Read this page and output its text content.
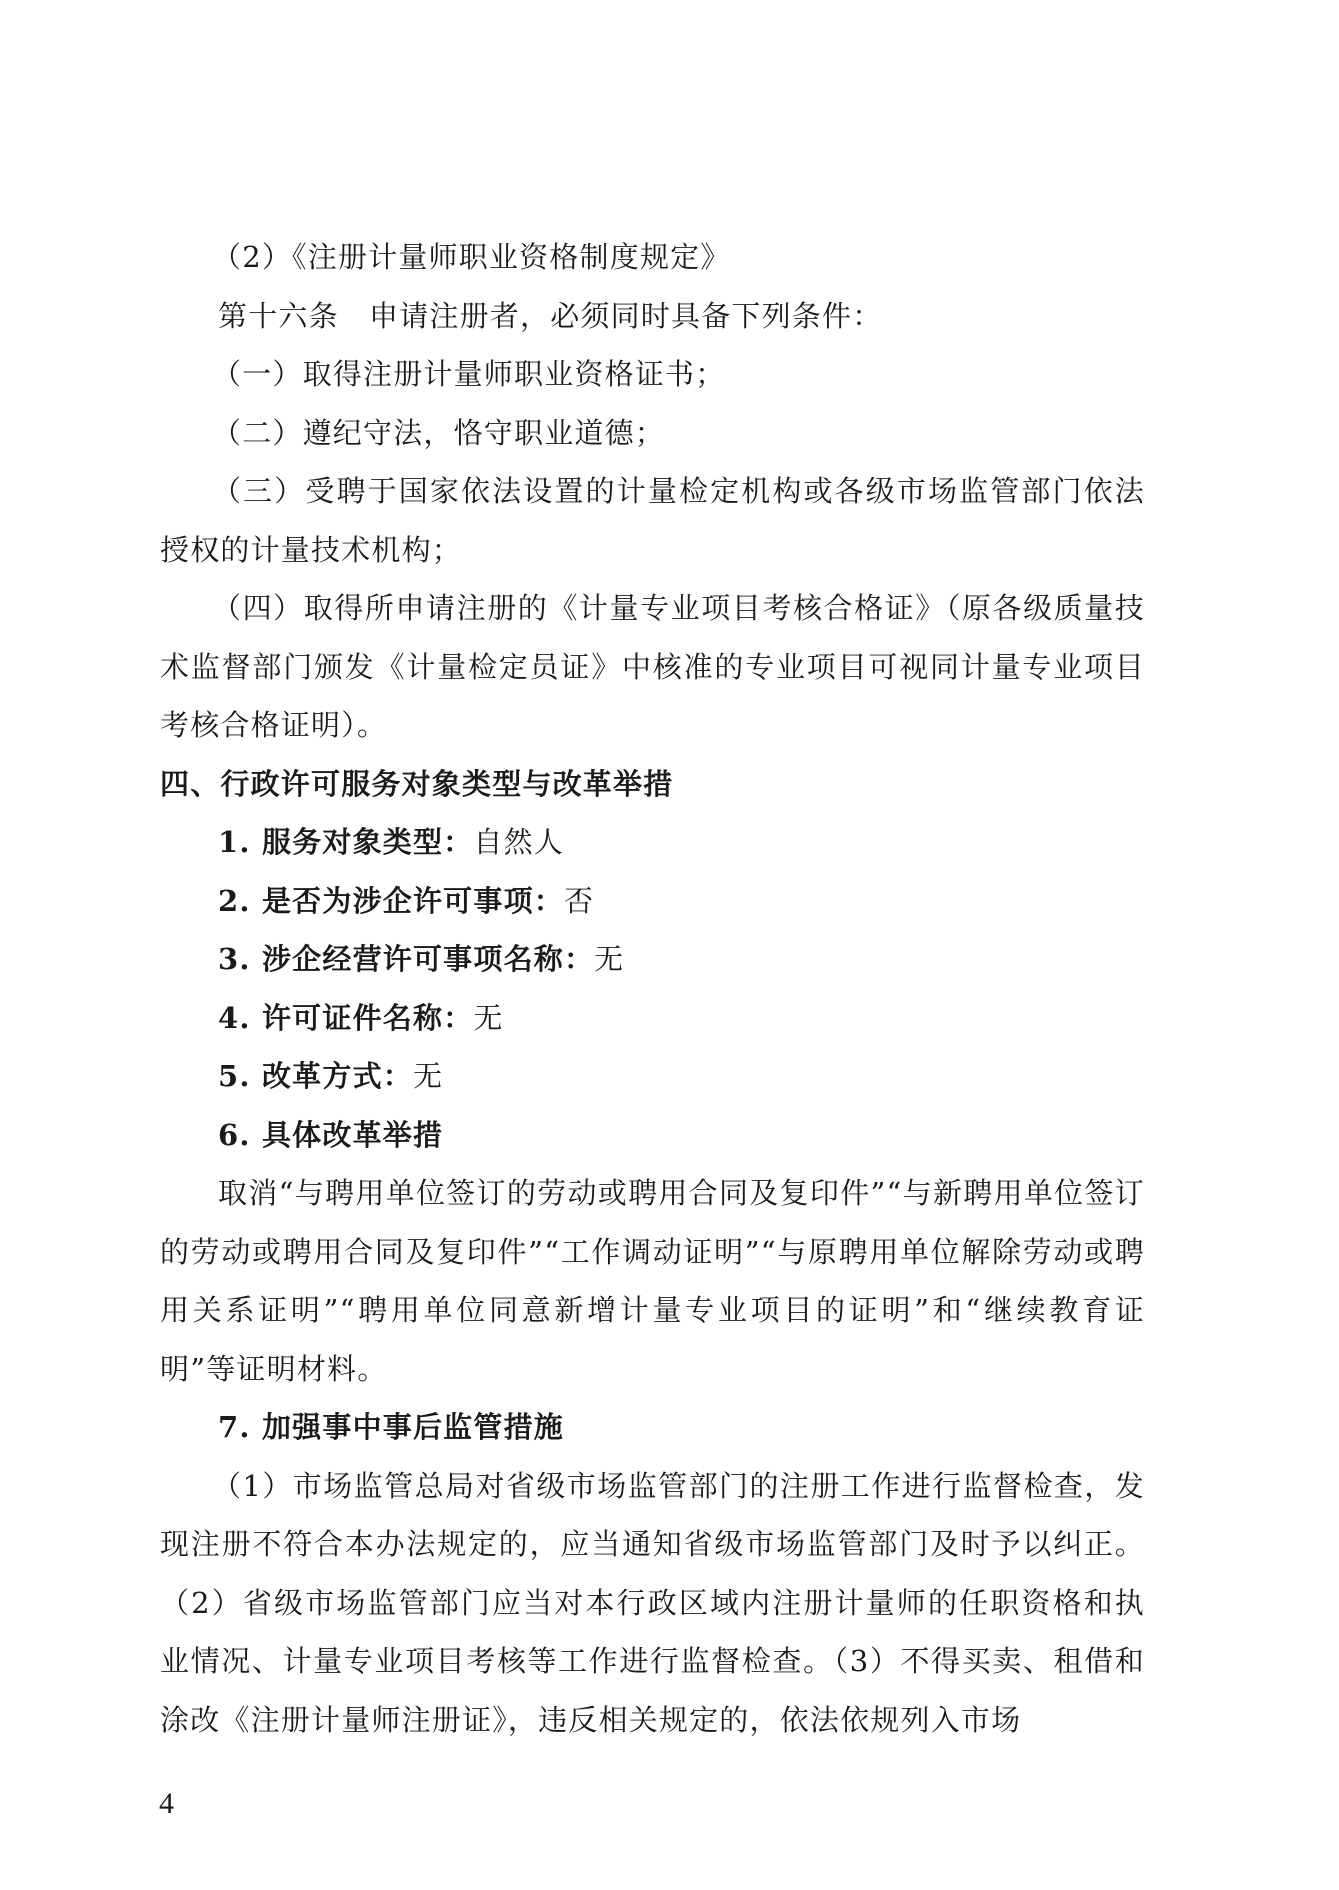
（2）《注册计量师职业资格制度规定》

第十六条　申请注册者，必须同时具备下列条件：

（一）取得注册计量师职业资格证书；

（二）遵纪守法，恪守职业道德；

（三）受聘于国家依法设置的计量检定机构或各级市场监管部门依法授权的计量技术机构；

（四）取得所申请注册的《计量专业项目考核合格证》（原各级质量技术监督部门颁发《计量检定员证》中核准的专业项目可视同计量专业项目考核合格证明）。

四、行政许可服务对象类型与改革举措

1. 服务对象类型：自然人

2. 是否为涉企许可事项：否

3. 涉企经营许可事项名称：无

4. 许可证件名称：无

5. 改革方式：无

6. 具体改革举措

取消“与聘用单位签订的劳动或聘用合同及复印件”“与新聘用单位签订的劳动或聘用合同及复印件”“工作调动证明”“与原聘用单位解除劳动或聘用关系证明”“聘用单位同意新增计量专业项目的证明”和“继续教育证明”等证明材料。

7. 加强事中事后监管措施

（1）市场监管总局对省级市场监管部门的注册工作进行监督检查，发现注册不符合本办法规定的，应当通知省级市场监管部门及时予以纠正。（2）省级市场监管部门应当对本行政区域内注册计量师的任职资格和执业情况、计量专业项目考核等工作进行监督检查。（3）不得买卖、租借和涂改《注册计量师注册证》，违反相关规定的，依法依规列入市场

4
